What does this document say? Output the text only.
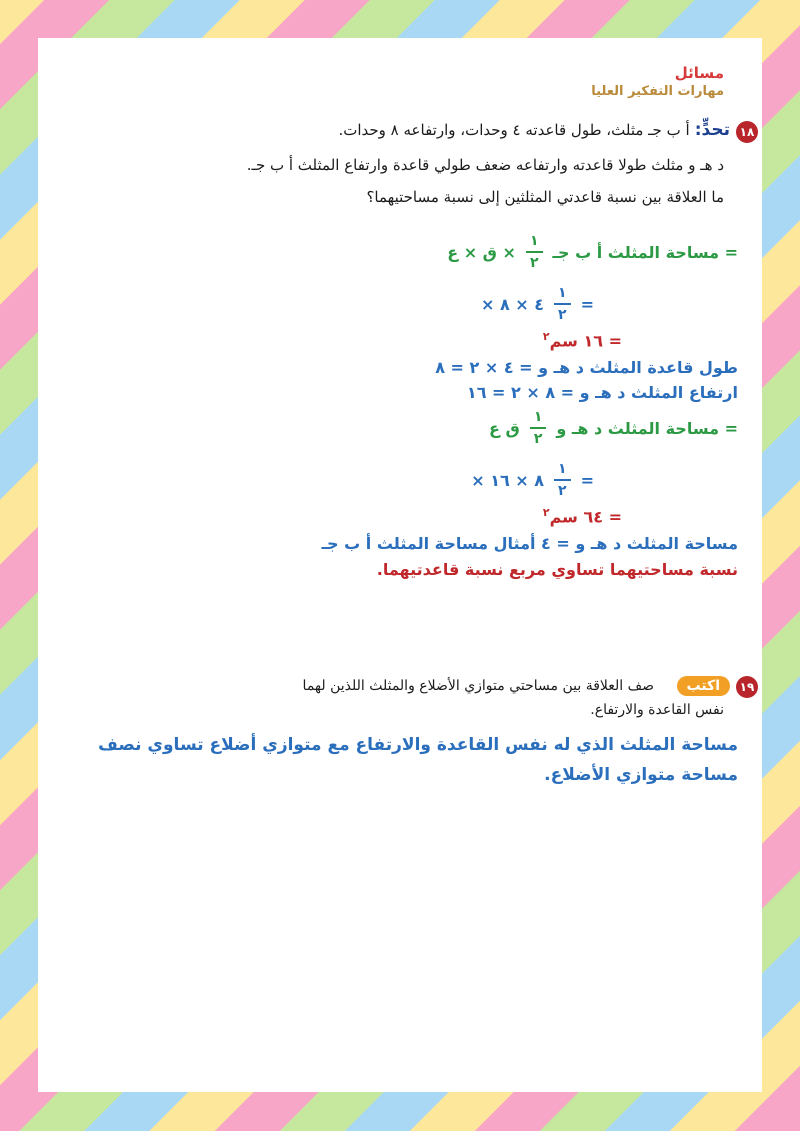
مسائل
مهارات التفكير العليا
١٨
تحدٍّ: أ ب جـ مثلث، طول قاعدته ٤ وحدات، وارتفاعه ٨ وحدات.
د هـ و مثلث طولا قاعدته وارتفاعه ضعف طولي قاعدة وارتفاع المثلث أ ب جـ.
ما العلاقة بين نسبة قاعدتي المثلثين إلى نسبة مساحتيهما؟
مساحة المثلث أ ب جـ =
$\frac{١}{٢}$
× ق × ع
=
$\frac{١}{٢}$
× ٤ × ٨
= ١٦ سم$^٢$
طول قاعدة المثلث د هـ و = ٤ × ٢ = ٨
ارتفاع المثلث د هـ و = ٨ × ٢ = ١٦
مساحة المثلث د هـ و =
$\frac{١}{٢}$
ق ع
=
$\frac{١}{٢}$
× ٨ × ١٦
= ٦٤ سم$^٢$
مساحة المثلث د هـ و = ٤ أمثال مساحة المثلث أ ب جـ
نسبة مساحتيهما تساوي مربع نسبة قاعدتيهما.
١٩
اكتب
صف العلاقة بين مساحتي متوازي الأضلاع والمثلث اللذين لهما
نفس القاعدة والارتفاع.
مساحة المثلث الذي له نفس القاعدة والارتفاع مع متوازي أضلاع تساوي نصف مساحة متوازي الأضلاع.
